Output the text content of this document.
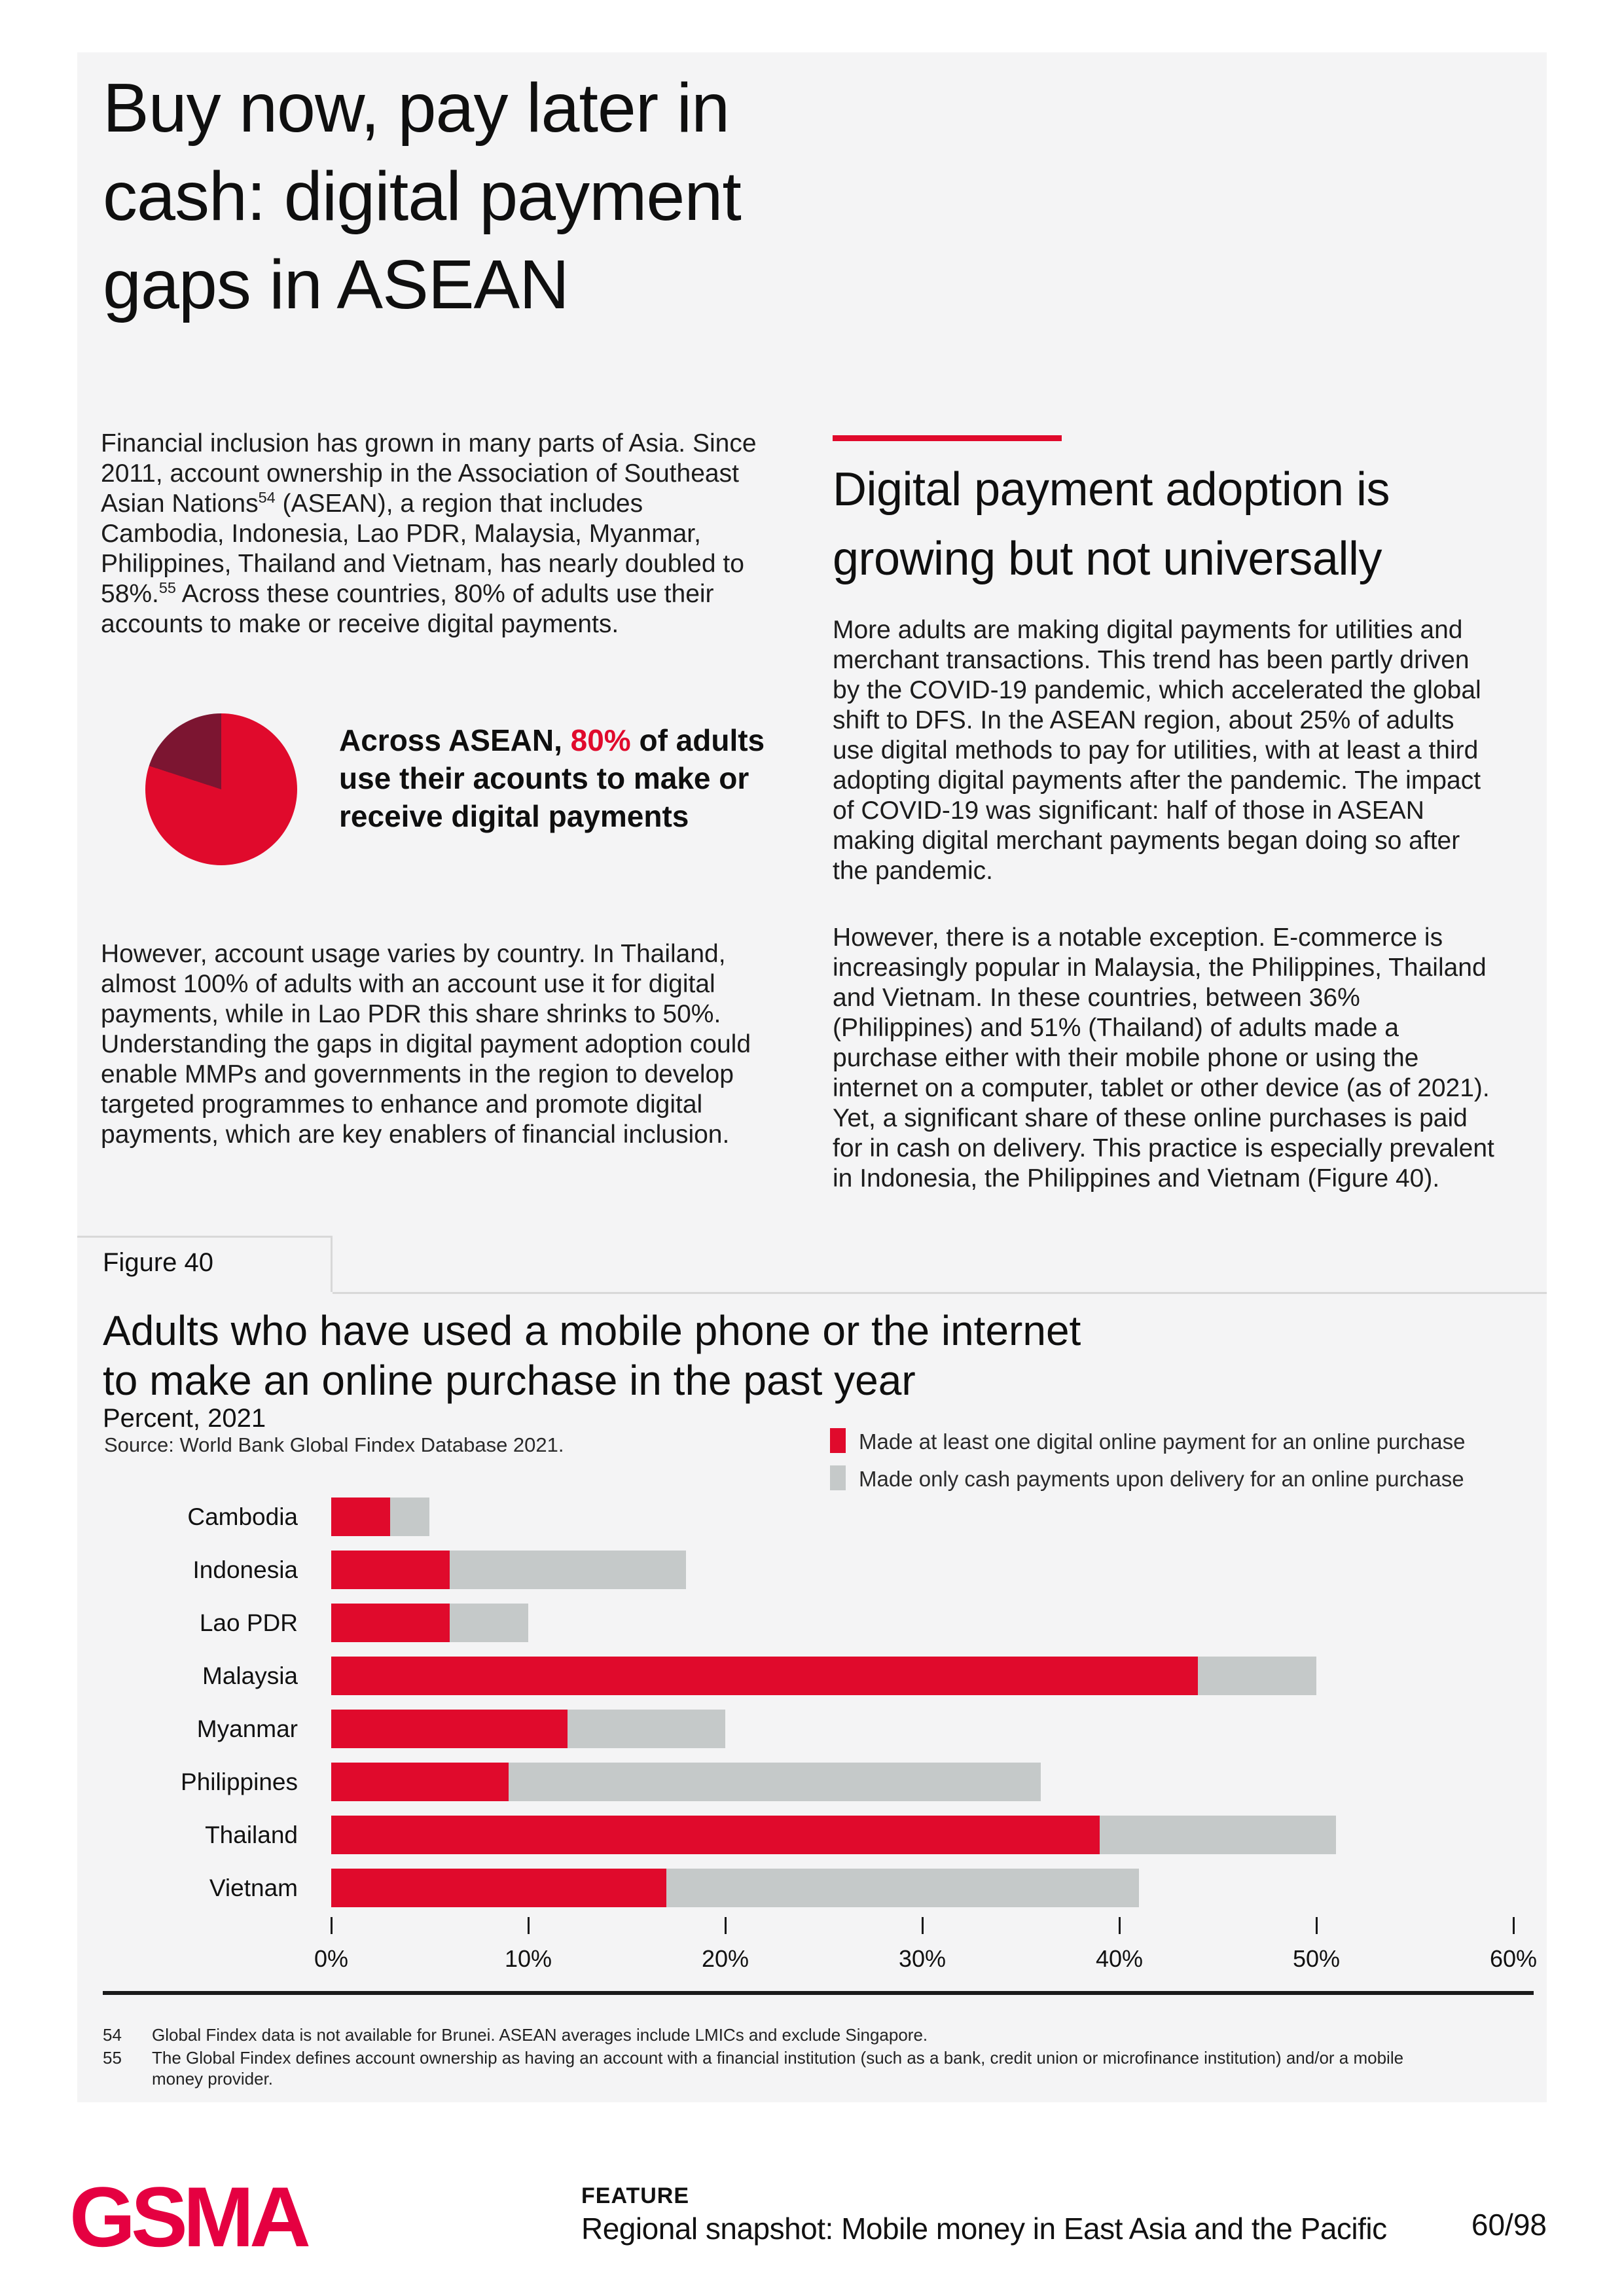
Buy now, pay later in
cash: digital payment
gaps in ASEAN
Financial inclusion has grown in many parts of Asia. Since 2011, account ownership in the Association of Southeast Asian Nations$^{54}$ (ASEAN), a region that includes Cambodia, Indonesia, Lao PDR, Malaysia, Myanmar, Philippines, Thailand and Vietnam, has nearly doubled to 58%.$^{55}$ Across these countries, 80% of adults use their accounts to make or receive digital payments.
Across ASEAN, 80% of adults use their acounts to make or receive digital payments
However, account usage varies by country. In Thailand, almost 100% of adults with an account use it for digital payments, while in Lao PDR this share shrinks to 50%. Understanding the gaps in digital payment adoption could enable MMPs and governments in the region to develop targeted programmes to enhance and promote digital payments, which are key enablers of financial inclusion.
Digital payment adoption is
growing but not universally
More adults are making digital payments for utilities and merchant transactions. This trend has been partly driven by the COVID-19 pandemic, which accelerated the global shift to DFS. In the ASEAN region, about 25% of adults use digital methods to pay for utilities, with at least a third adopting digital payments after the pandemic. The impact of COVID-19 was significant: half of those in ASEAN making digital merchant payments began doing so after the pandemic.
However, there is a notable exception. E-commerce is increasingly popular in Malaysia, the Philippines, Thailand and Vietnam. In these countries, between 36% (Philippines) and 51% (Thailand) of adults made a purchase either with their mobile phone or using the internet on a computer, tablet or other device (as of 2021). Yet, a significant share of these online purchases is paid for in cash on delivery. This practice is especially prevalent in Indonesia, the Philippines and Vietnam (Figure 40).
Figure 40
Adults who have used a mobile phone or the internet
to make an online purchase in the past year
Percent, 2021
Source: World Bank Global Findex Database 2021.	Made at least one digital online payment for an online purchase
Made only cash payments upon delivery for an online purchase
Cambodia
Indonesia
Lao PDR
Malaysia
Myanmar
Philippines
Thailand
Vietnam
0%	10%	20%	30%	40%	50%	60%
54 Global Findex data is not available for Brunei. ASEAN averages include LMICs and exclude Singapore.
55 The Global Findex defines account ownership as having an account with a financial institution (such as a bank, credit union or microfinance institution) and/or a mobile
money provider.
GSMA	FEATURE
Regional snapshot: Mobile money in East Asia and the Pacific	60/98
